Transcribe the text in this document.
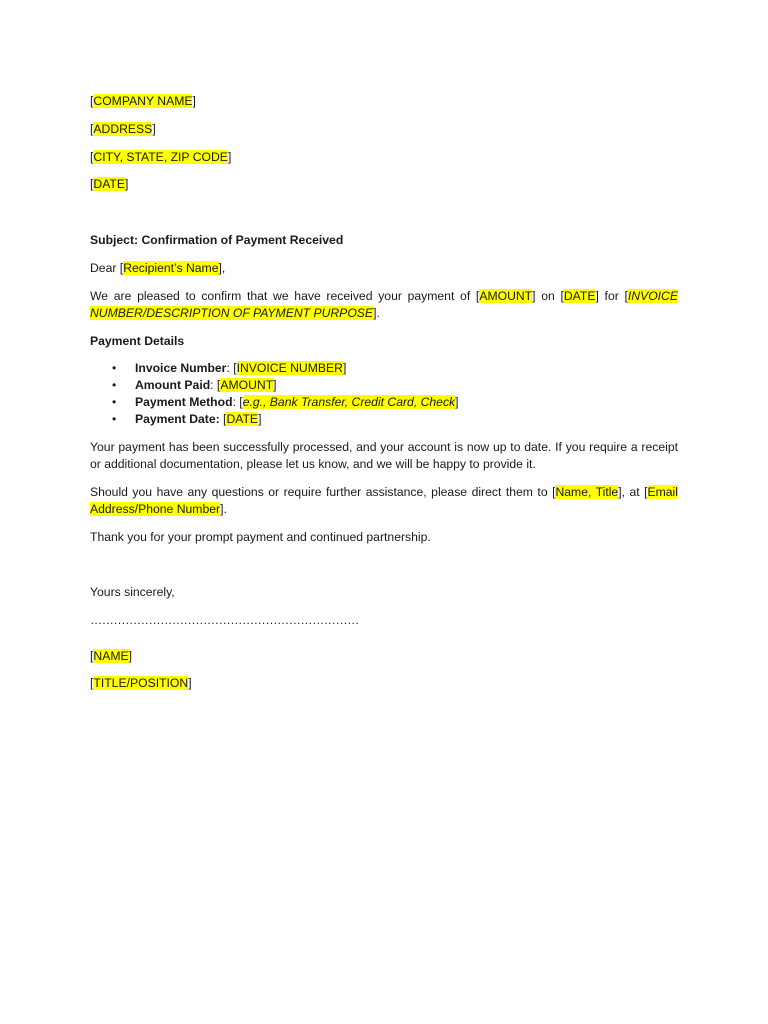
[COMPANY NAME]
[ADDRESS]
[CITY, STATE, ZIP CODE]
[DATE]
Subject: Confirmation of Payment Received
Dear [Recipient’s Name],

We are pleased to confirm that we have received your payment of [AMOUNT] on [DATE] for [INVOICE NUMBER/DESCRIPTION OF PAYMENT PURPOSE].

Payment Details
• Invoice Number: [INVOICE NUMBER]
• Amount Paid: [AMOUNT]
• Payment Method: [e.g., Bank Transfer, Credit Card, Check]
• Payment Date: [DATE]

Your payment has been successfully processed, and your account is now up to date. If you require a receipt or additional documentation, please let us know, and we will be happy to provide it.

Should you have any questions or require further assistance, please direct them to [Name, Title], at [Email Address/Phone Number].

Thank you for your prompt payment and continued partnership.
Yours sincerely,
……………………………………………………………
[NAME]
[TITLE/POSITION]
